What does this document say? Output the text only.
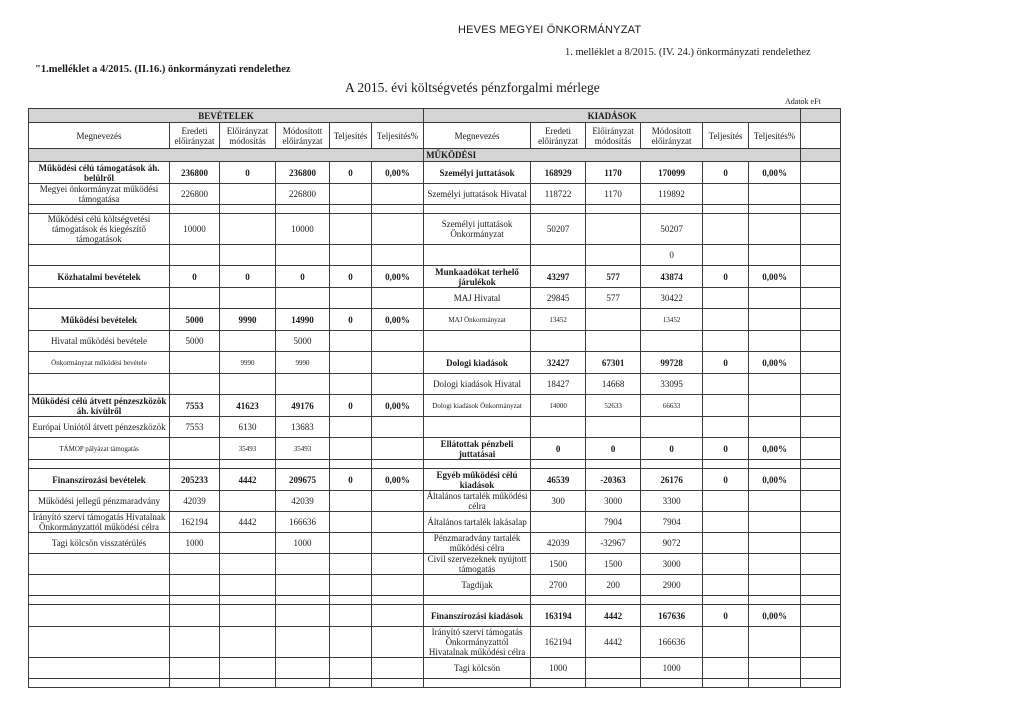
HEVES MEGYEI ÖNKORMÁNYZAT
"1.melléklet a 4/2015. (II.16.) önkormányzati rendelethez
1. melléklet a 8/2015. (IV. 24.) önkormányzati rendelethez
A 2015. évi költségvetés pénzforgalmi mérlege
Adatok eFt
BEVÉTELEK						KIADÁSOK						
Megnevezés	Eredeti előirányzat	Előirányzat módosítás	Módosított előirányzat	Teljesítés	Teljesítés%	Megnevezés	Eredeti előirányzat	Előirányzat módosítás	Módosított előirányzat	Teljesítés	Teljesítés%	
						MŰKÖDÉSI						
Működési célú támogatások áh. belülről	236800	0	236800	0	0,00%	Személyi juttatások	168929	1170	170099	0	0,00%	
Megyei önkormányzat működési támogatása	226800		226800			Személyi juttatások Hivatal	118722	1170	119892			

Működési célú költségvetési támogatások és kiegészítő támogatások	10000		10000			Személyi juttatások Önkormányzat	50207		50207			
									0			
Közhatalmi bevételek	0	0	0	0	0,00%	Munkaadókat terhelő járulékok	43297	577	43874	0	0,00%	
						MAJ Hivatal	29845	577	30422			
Működési bevételek	5000	9990	14990	0	0,00%	MAJ Önkormányzat	13452		13452			
Hivatal működési bevétele	5000		5000									
Önkormányzat működési bevétele		9990	9990			Dologi kiadások	32427	67301	99728	0	0,00%	
						Dologi kiadások Hivatal	18427	14668	33095			
Működési célú átvett pénzeszközök áh. kívülről	7553	41623	49176	0	0,00%	Dologi kiadások Önkormányzat	14000	52633	66633			
Európai Uniótól átvett pénzeszközök	7553	6130	13683									
TÁMOP pályázat támogatás		35493	35493			Ellátottak pénzbeli juttatásai	0	0	0	0	0,00%	

Finanszírozási bevételek	205233	4442	209675	0	0,00%	Egyéb működési célú kiadások	46539	-20363	26176	0	0,00%	
Működési jellegű pénzmaradvány	42039		42039			Általános tartalék működési célra	300	3000	3300			
Irányító szervi támogatás Hivatalnak Önkormányzattól működési célra	162194	4442	166636			Általános tartalék lakásalap		7904	7904			
Tagi kölcsön visszatérülés	1000		1000			Pénzmaradvány tartalék működési célra	42039	-32967	9072			
						Civil szervezeknek nyújtott támogatás	1500	1500	3000			
						Tagdíjak	2700	200	2900			

						Finanszírozási kiadások	163194	4442	167636	0	0,00%	
						Irányító szervi támogatás Önkormányzattól Hivatalnak működési célra	162194	4442	166636			
						Tagi kölcsön	1000		1000			
